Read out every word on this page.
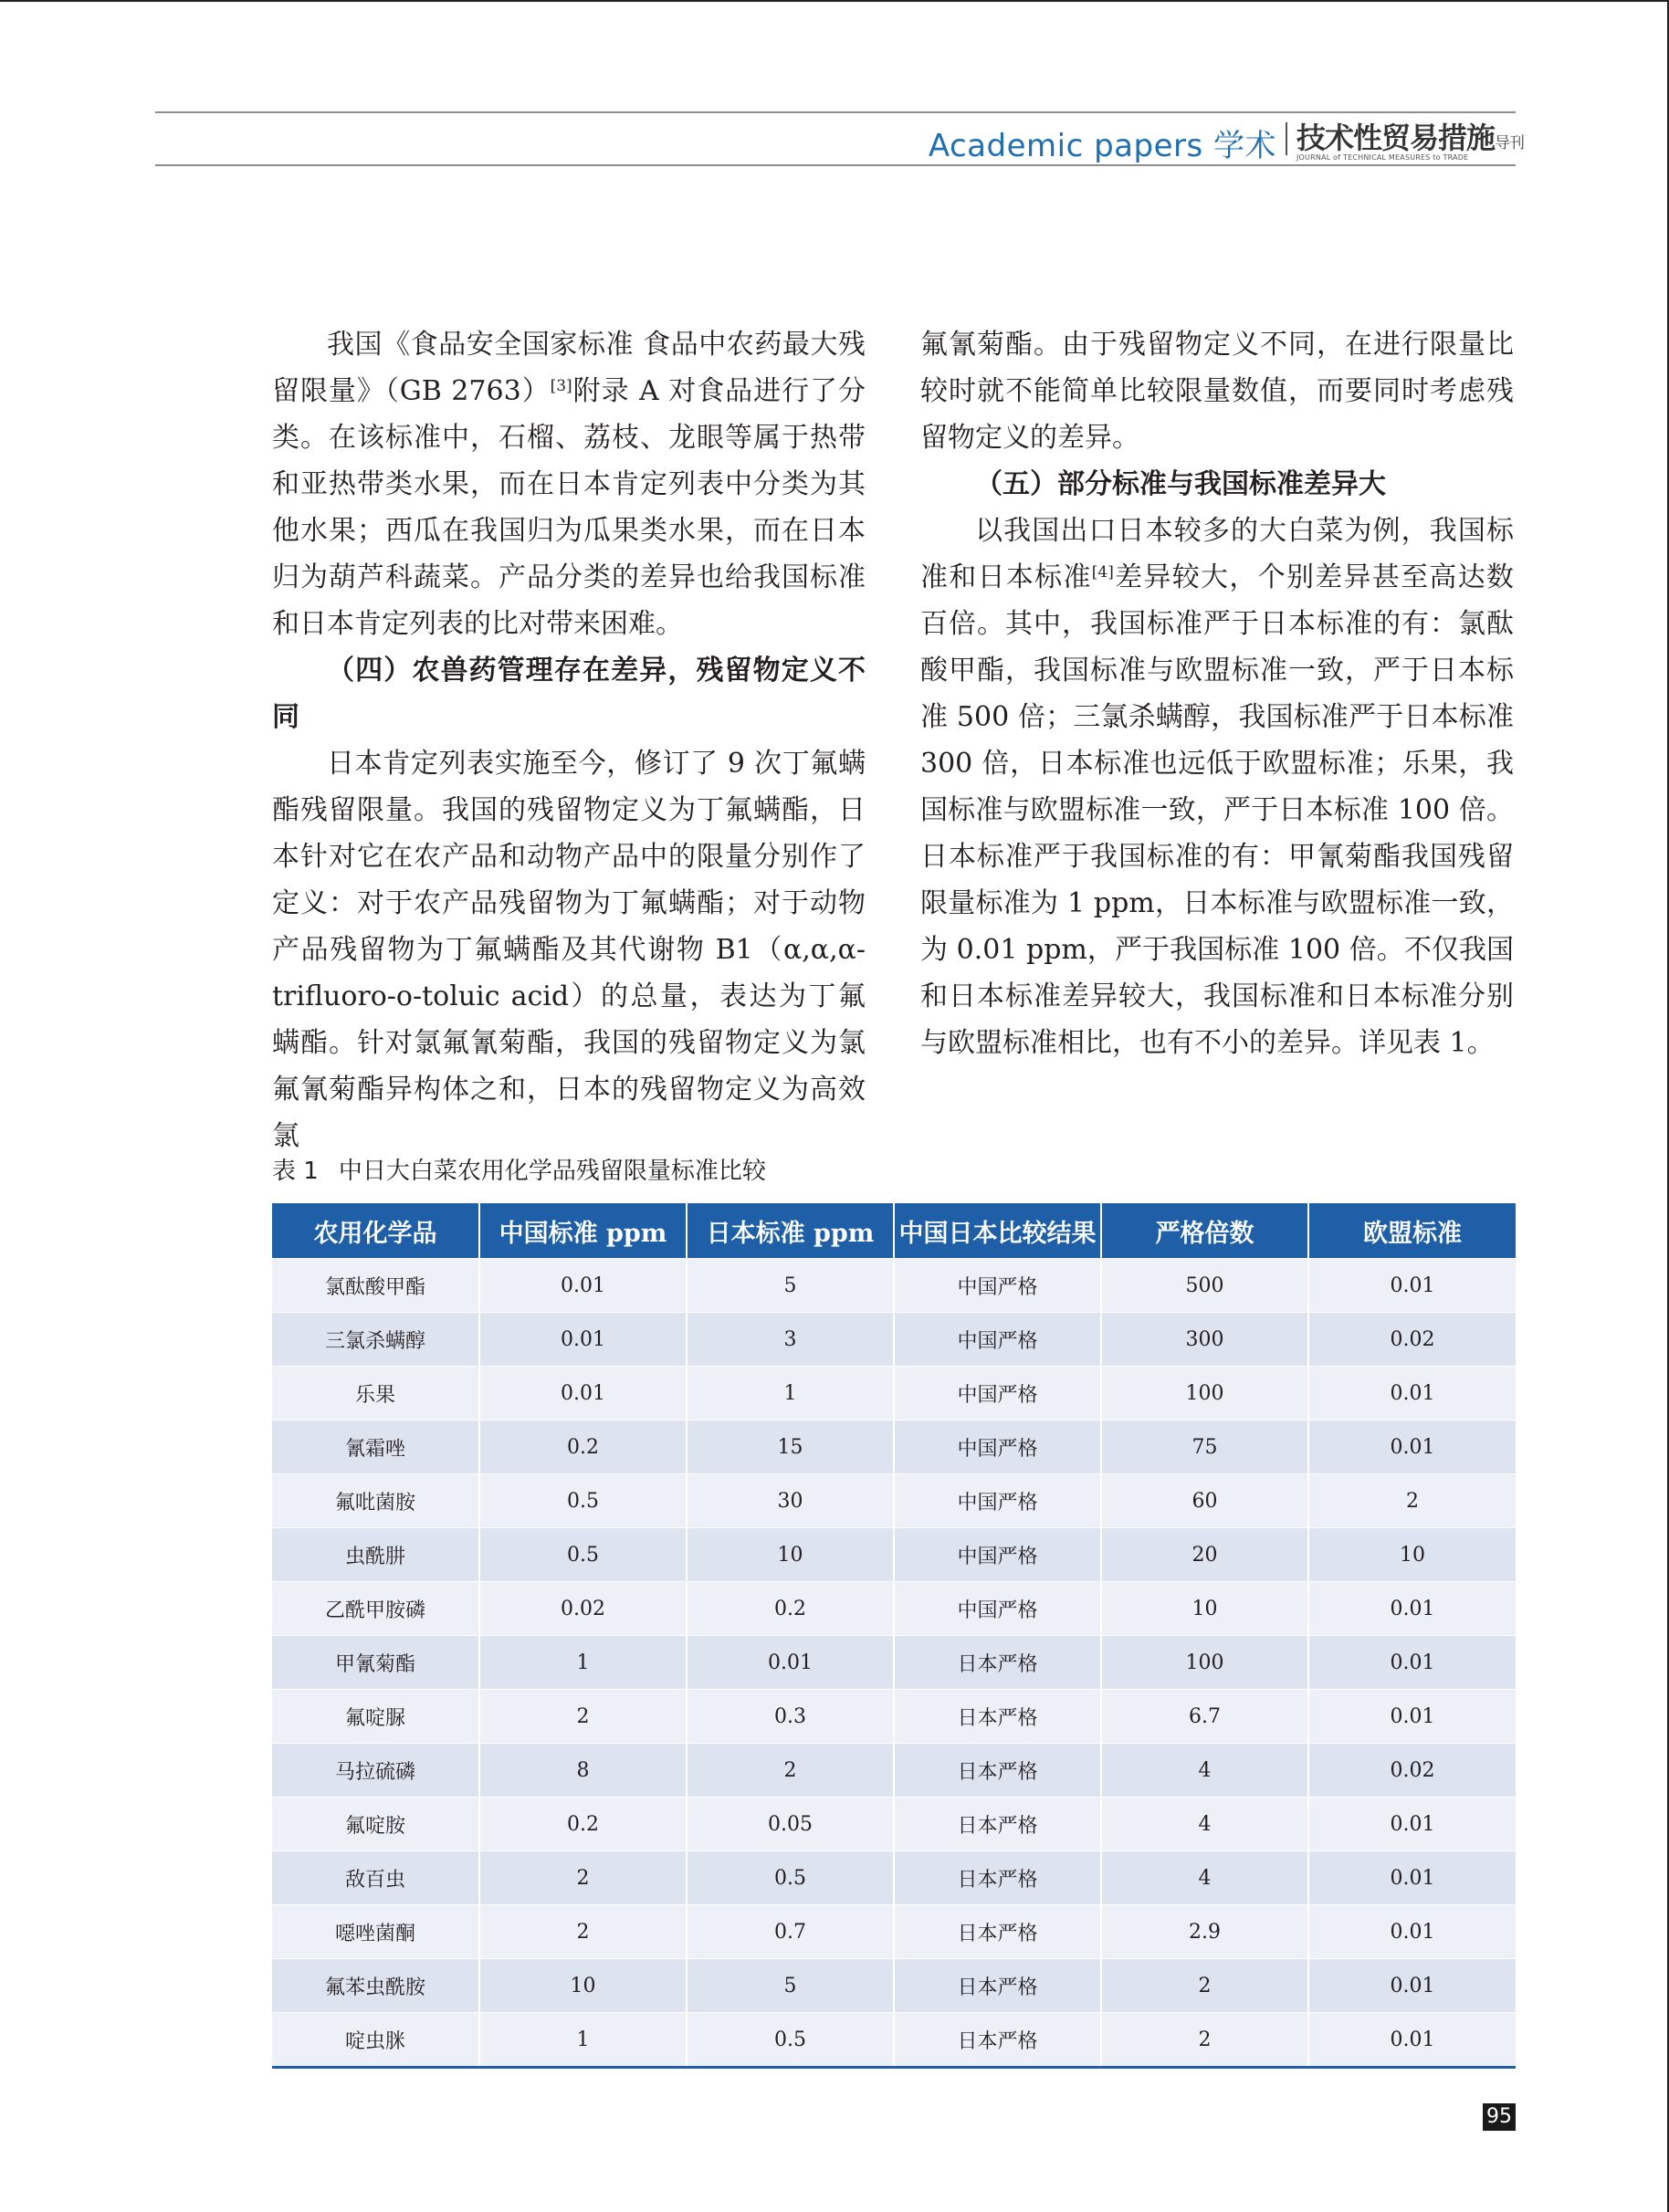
Academic papers 学术 技术性贸易措施导刊
JOURNAL of TECHNICAL MEASURES to TRADE

我国《食品安全国家标准 食品中农药最大残留限量》（GB 2763）[3]附录 A 对食品进行了分类。在该标准中，石榴、荔枝、龙眼等属于热带和亚热带类水果，而在日本肯定列表中分类为其他水果；西瓜在我国归为瓜果类水果，而在日本归为葫芦科蔬菜。产品分类的差异也给我国标准和日本肯定列表的比对带来困难。

（四）农兽药管理存在差异，残留物定义不同

日本肯定列表实施至今，修订了 9 次丁氟螨酯残留限量。我国的残留物定义为丁氟螨酯，日本针对它在农产品和动物产品中的限量分别作了定义：对于农产品残留物为丁氟螨酯；对于动物产品残留物为丁氟螨酯及其代谢物 B1（α,α,α-trifluoro-o-toluic acid）的总量，表达为丁氟螨酯。针对氯氟氰菊酯，我国的残留物定义为氯氟氰菊酯异构体之和，日本的残留物定义为高效氯

氟氰菊酯。由于残留物定义不同，在进行限量比较时就不能简单比较限量数值，而要同时考虑残留物定义的差异。

（五）部分标准与我国标准差异大

以我国出口日本较多的大白菜为例，我国标准和日本标准[4]差异较大，个别差异甚至高达数百倍。其中，我国标准严于日本标准的有：氯酞酸甲酯，我国标准与欧盟标准一致，严于日本标准 500 倍；三氯杀螨醇，我国标准严于日本标准 300 倍，日本标准也远低于欧盟标准；乐果，我国标准与欧盟标准一致，严于日本标准 100 倍。日本标准严于我国标准的有：甲氰菊酯我国残留限量标准为 1 ppm，日本标准与欧盟标准一致，为 0.01 ppm，严于我国标准 100 倍。不仅我国和日本标准差异较大，我国标准和日本标准分别与欧盟标准相比，也有不小的差异。详见表 1。

表 1 中日大白菜农用化学品残留限量标准比较
农用化学品	中国标准 ppm	日本标准 ppm	中国日本比较结果	严格倍数	欧盟标准
氯酞酸甲酯	0.01	5	中国严格	500	0.01
三氯杀螨醇	0.01	3	中国严格	300	0.02
乐果	0.01	1	中国严格	100	0.01
氰霜唑	0.2	15	中国严格	75	0.01
氟吡菌胺	0.5	30	中国严格	60	2
虫酰肼	0.5	10	中国严格	20	10
乙酰甲胺磷	0.02	0.2	中国严格	10	0.01
甲氰菊酯	1	0.01	日本严格	100	0.01
氟啶脲	2	0.3	日本严格	6.7	0.01
马拉硫磷	8	2	日本严格	4	0.02
氟啶胺	0.2	0.05	日本严格	4	0.01
敌百虫	2	0.5	日本严格	4	0.01
噁唑菌酮	2	0.7	日本严格	2.9	0.01
氟苯虫酰胺	10	5	日本严格	2	0.01
啶虫脒	1	0.5	日本严格	2	0.01
95
